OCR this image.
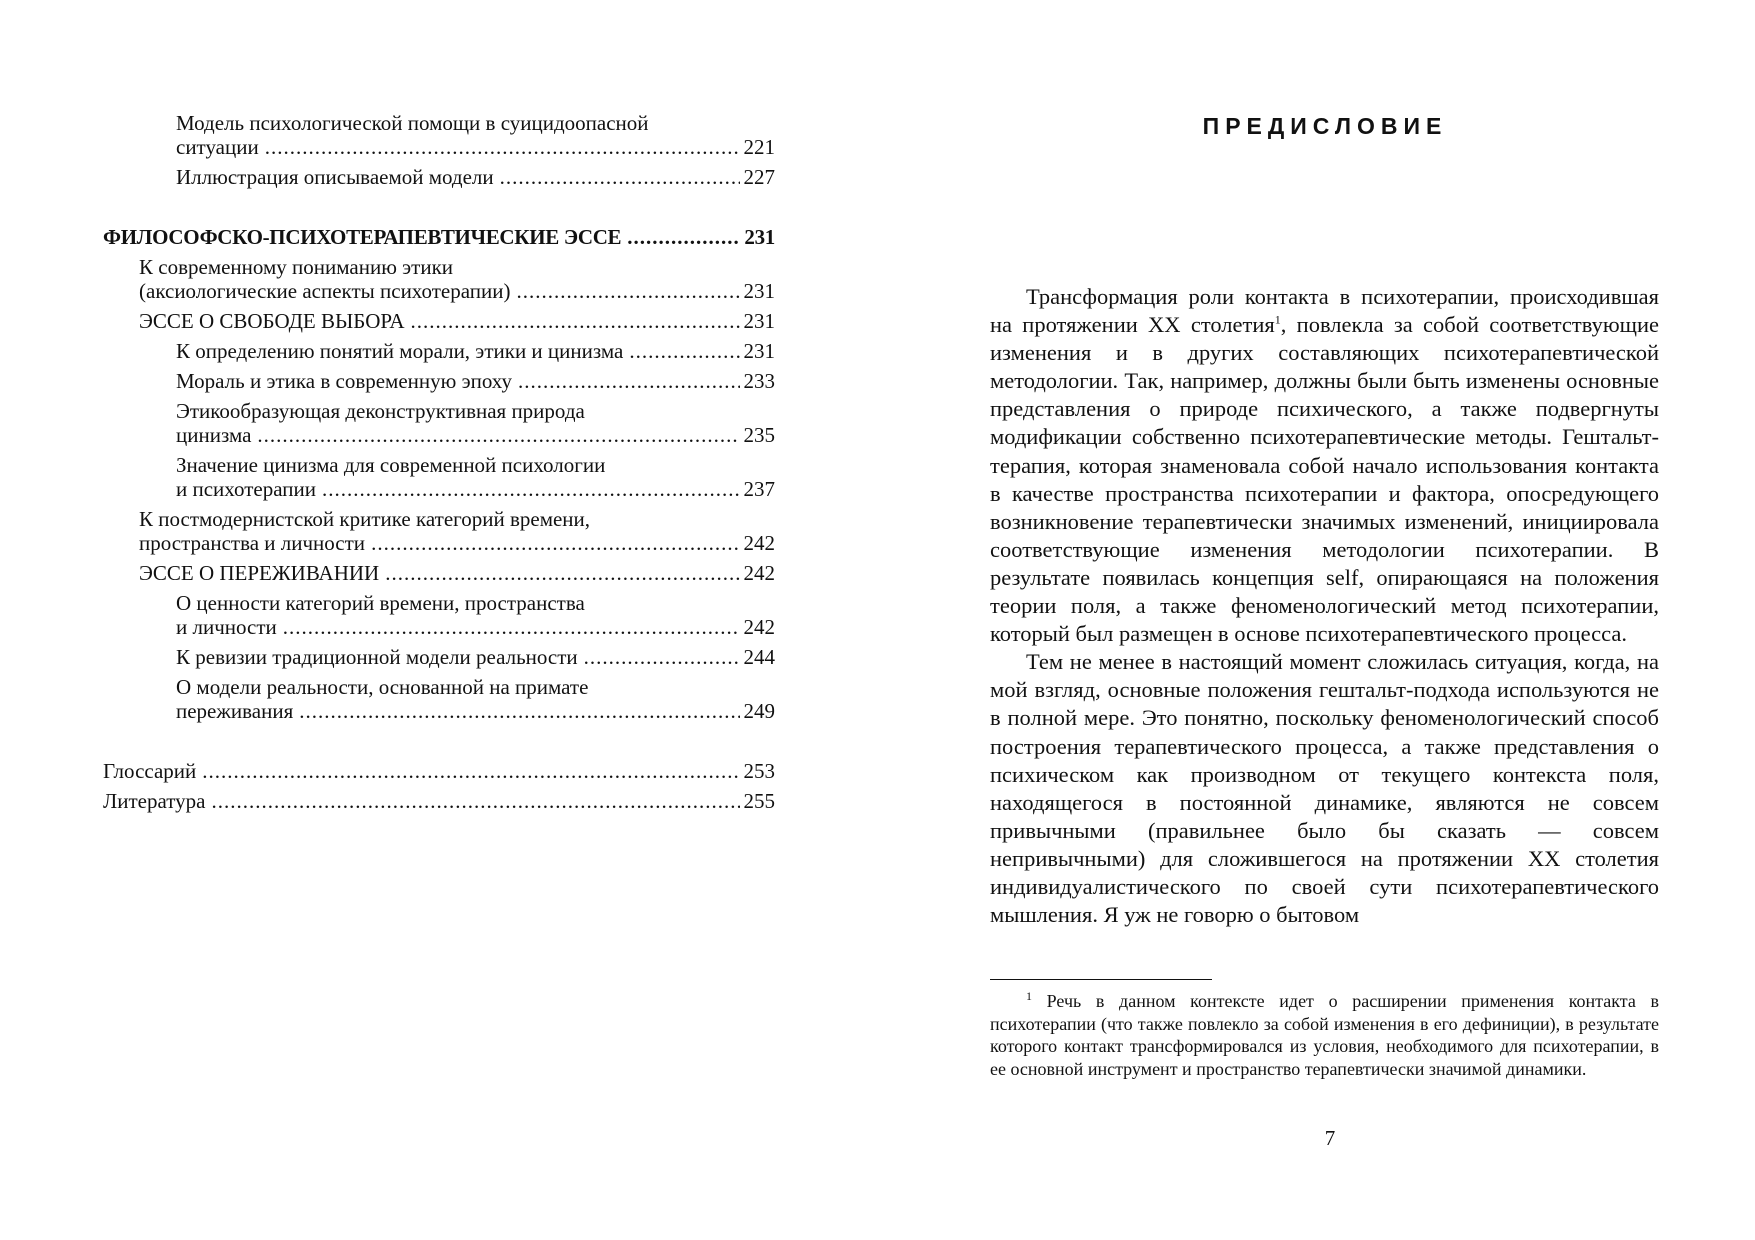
Модель психологической помощи в суицидоопасной
ситуации .....	221
Иллюстрация описываемой модели .....	227
ФИЛОСОФСКО-ПСИХОТЕРАПЕВТИЧЕСКИЕ ЭССЕ .....	231
К современному пониманию этики
(аксиологические аспекты психотерапии) .....	231
ЭССЕ О СВОБОДЕ ВЫБОРА .....	231
К определению понятий морали, этики и цинизма .....	231
Мораль и этика в современную эпоху .....	233
Этикообразующая деконструктивная природа
цинизма .....	235
Значение цинизма для современной психологии
и психотерапии .....	237
К постмодернистской критике категорий времени,
пространства и личности .....	242
ЭССЕ О ПЕРЕЖИВАНИИ .....	242
О ценности категорий времени, пространства
и личности .....	242
К ревизии традиционной модели реальности .....	244
О модели реальности, основанной на примате
переживания .....	249
Глоссарий .....	253
Литература .....	255
ПРЕДИСЛОВИЕ

Трансформация роли контакта в психотерапии, происходившая на протяжении XX столетия$^1$, повлекла за собой соответствующие изменения и в других составляющих психотерапевтической методологии. Так, например, должны были быть изменены основные представления о природе психического, а также подвергнуты модификации собственно психотерапевтические методы. Гештальт-терапия, которая знаменовала собой начало использования контакта в качестве пространства психотерапии и фактора, опосредующего возникновение терапевтически значимых изменений, инициировала соответствующие изменения методологии психотерапии. В результате появилась концепция self, опирающаяся на положения теории поля, а также феноменологический метод психотерапии, который был размещен в основе психотерапевтического процесса.

Тем не менее в настоящий момент сложилась ситуация, когда, на мой взгляд, основные положения гештальт-подхода используются не в полной мере. Это понятно, поскольку феноменологический способ построения терапевтического процесса, а также представления о психическом как производном от текущего контекста поля, находящегося в постоянной динамике, являются не совсем привычными (правильнее было бы сказать — совсем непривычными) для сложившегося на протяжении XX столетия индивидуалистического по своей сути психотерапевтического мышления. Я уж не говорю о бытовом

$^1$ Речь в данном контексте идет о расширении применения контакта в психотерапии (что также повлекло за собой изменения в его дефиниции), в результате которого контакт трансформировался из условия, необходимого для психотерапии, в ее основной инструмент и пространство терапевтически значимой динамики.

7
